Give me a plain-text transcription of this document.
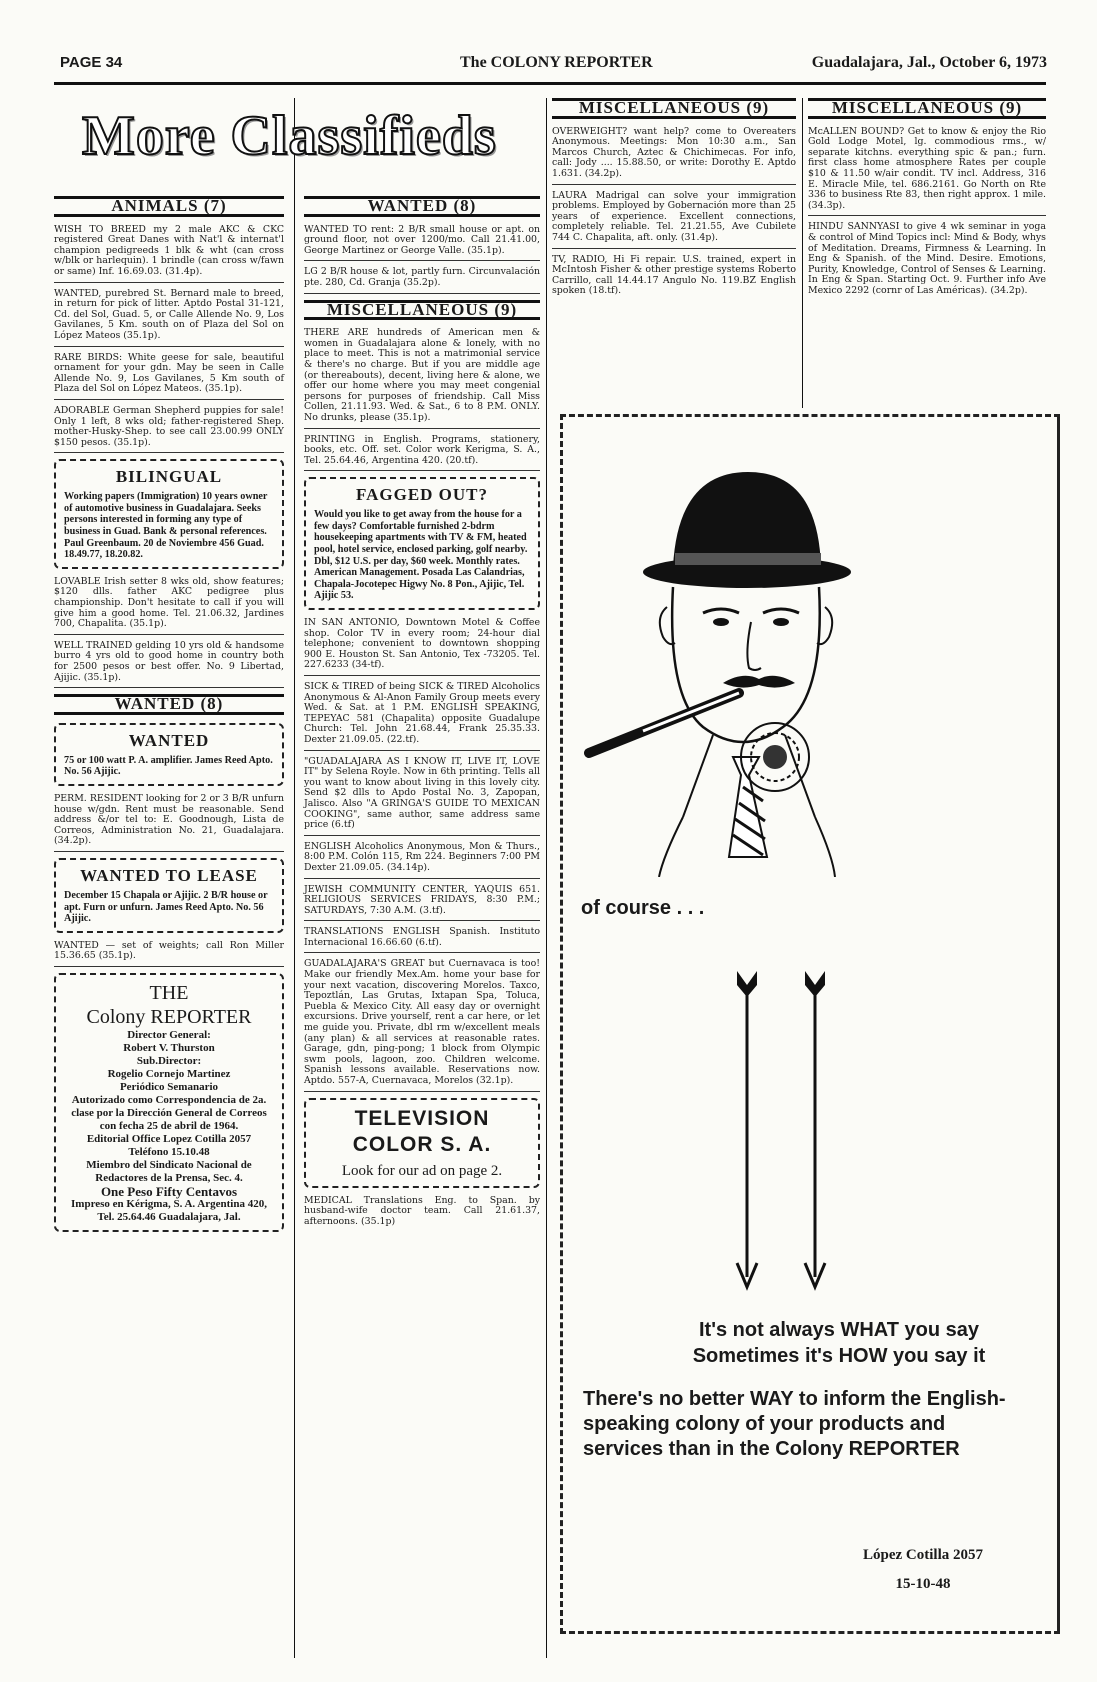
PAGE 34	The COLONY REPORTER	Guadalajara, Jal., October 6, 1973
More Classifieds
ANIMALS (7)
WISH TO BREED my 2 male AKC & CKC registered Great Danes with Nat'l & internat'l champion pedigreeds 1 blk & wht (can cross w/blk or harlequin). 1 brindle (can cross w/fawn or same) Inf. 16.69.03. (31.4p).
WANTED, purebred St. Bernard male to breed, in return for pick of litter. Aptdo Postal 31-121, Cd. del Sol, Guad. 5, or Calle Allende No. 9, Los Gavilanes, 5 Km. south on of Plaza del Sol on López Mateos (35.1p).
RARE BIRDS: White geese for sale, beautiful ornament for your gdn. May be seen in Calle Allende No. 9, Los Gavilanes, 5 Km south of Plaza del Sol on López Mateos. (35.1p).
ADORABLE German Shepherd puppies for sale! Only 1 left, 8 wks old; father-registered Shep. mother-Husky-Shep. to see call 23.00.99 ONLY $150 pesos. (35.1p).
BILINGUAL
Working papers (Immigration) 10 years owner of automotive business in Guadalajara. Seeks persons interested in forming any type of business in Guad. Bank & personal references. Paul Greenbaum. 20 de Noviembre 456 Guad. 18.49.77, 18.20.82.
LOVABLE Irish setter 8 wks old, show features; $120 dlls. father AKC pedigree plus championship. Don't hesitate to call if you will give him a good home. Tel. 21.06.32, Jardines 700, Chapalita. (35.1p).
WELL TRAINED gelding 10 yrs old & handsome burro 4 yrs old to good home in country both for 2500 pesos or best offer. No. 9 Libertad, Ajijic. (35.1p).
WANTED (8)
WANTED
75 or 100 watt P. A. amplifier. James Reed Apto. No. 56 Ajijic.
PERM. RESIDENT looking for 2 or 3 B/R unfurn house w/gdn. Rent must be reasonable. Send address &/or tel to: E. Goodnough, Lista de Correos, Administration No. 21, Guadalajara. (34.2p).
WANTED TO LEASE
December 15 Chapala or Ajijic. 2 B/R house or apt. Furn or unfurn. James Reed Apto. No. 56 Ajijic.
WANTED — set of weights; call Ron Miller 15.36.65 (35.1p).
THE
Colony REPORTER
Director General:
Robert V. Thurston
Sub.Director:
Rogelio Cornejo Martinez
Periódico Semanario
Autorizado como Correspondencia de 2a. clase por la Dirección General de Correos con fecha 25 de abril de 1964.
Editorial Office Lopez Cotilla 2057
Teléfono 15.10.48
Miembro del Sindicato Nacional de Redactores de la Prensa, Sec. 4.
One Peso Fifty Centavos
Impreso en Kérigma, S. A. Argentina 420, Tel. 25.64.46 Guadalajara, Jal.
WANTED (8)
WANTED TO rent: 2 B/R small house or apt. on ground floor, not over 1200/mo. Call 21.41.00, George Martinez or George Valle. (35.1p).
LG 2 B/R house & lot, partly furn. Circunvalación pte. 280, Cd. Granja (35.2p).
MISCELLANEOUS (9)
THERE ARE hundreds of American men & women in Guadalajara alone & lonely, with no place to meet. This is not a matrimonial service & there's no charge. But if you are middle age (or thereabouts), decent, living here & alone, we offer our home where you may meet congenial persons for purposes of friendship. Call Miss Collen, 21.11.93. Wed. & Sat., 6 to 8 P.M. ONLY. No drunks, please (35.1p).
PRINTING in English. Programs, stationery, books, etc. Off. set. Color work Kerigma, S. A., Tel. 25.64.46, Argentina 420. (20.tf).
FAGGED OUT?
Would you like to get away from the house for a few days? Comfortable furnished 2-bdrm housekeeping apartments with TV & FM, heated pool, hotel service, enclosed parking, golf nearby. Dbl, $12 U.S. per day, $60 week. Monthly rates. American Management. Posada Las Calandrias, Chapala-Jocotepec Higwy No. 8 Pon., Ajijic, Tel. Ajijic 53.
IN SAN ANTONIO, Downtown Motel & Coffee shop. Color TV in every room; 24-hour dial telephone; convenient to downtown shopping 900 E. Houston St. San Antonio, Tex -73205. Tel. 227.6233 (34-tf).
SICK & TIRED of being SICK & TIRED Alcoholics Anonymous & Al-Anon Family Group meets every Wed. & Sat. at 1 P.M. ENGLISH SPEAKING, TEPEYAC 581 (Chapalita) opposite Guadalupe Church: Tel. John 21.68.44, Frank 25.35.33. Dexter 21.09.05. (22.tf).
"GUADALAJARA AS I KNOW IT, LIVE IT, LOVE IT" by Selena Royle. Now in 6th printing. Tells all you want to know about living in this lovely city. Send $2 dlls to Apdo Postal No. 3, Zapopan, Jalisco. Also "A GRINGA'S GUIDE TO MEXICAN COOKING", same author, same address same price (6.tf)
ENGLISH Alcoholics Anonymous, Mon & Thurs., 8:00 P.M. Colón 115, Rm 224. Beginners 7:00 PM Dexter 21.09.05. (34.14p).
JEWISH COMMUNITY CENTER, YAQUIS 651. RELIGIOUS SERVICES FRIDAYS, 8:30 P.M.; SATURDAYS, 7:30 A.M. (3.tf).
TRANSLATIONS ENGLISH Spanish. Instituto Internacional 16.66.60 (6.tf).
GUADALAJARA'S GREAT but Cuernavaca is too! Make our friendly Mex.Am. home your base for your next vacation, discovering Morelos. Taxco, Tepoztlán, Las Grutas, Ixtapan Spa, Toluca, Puebla & Mexico City. All easy day or overnight excursions. Drive yourself, rent a car here, or let me guide you. Private, dbl rm w/excellent meals (any plan) & all services at reasonable rates. Garage, gdn, ping-pong; 1 block from Olympic swm pools, lagoon, zoo. Children welcome. Spanish lessons available. Reservations now. Aptdo. 557-A, Cuernavaca, Morelos (32.1p).
TELEVISION COLOR S. A.
Look for our ad on page 2.
MEDICAL Translations Eng. to Span. by husband-wife doctor team. Call 21.61.37, afternoons. (35.1p)
MISCELLANEOUS (9)
OVERWEIGHT? want help? come to Overeaters Anonymous. Meetings: Mon 10:30 a.m., San Marcos Church, Aztec & Chichimecas. For info, call: Jody .... 15.88.50, or write: Dorothy E. Aptdo 1.631. (34.2p).
LAURA Madrigal can solve your immigration problems. Employed by Gobernación more than 25 years of experience. Excellent connections, completely reliable. Tel. 21.21.55, Ave Cubilete 744 C. Chapalita, aft. only. (31.4p).
TV, RADIO, Hi Fi repair. U.S. trained, expert in McIntosh Fisher & other prestige systems Roberto Carrillo, call 14.44.17 Angulo No. 119.BZ English spoken (18.tf).
MISCELLANEOUS (9)
McALLEN BOUND? Get to know & enjoy the Rio Gold Lodge Motel, lg. commodious rms., w/ separate kitchns. everything spic & pan.; furn. first class home atmosphere Rates per couple $10 & 11.50 w/air condit. TV incl. Address, 316 E. Miracle Mile, tel. 686.2161. Go North on Rte 336 to business Rte 83, then right approx. 1 mile. (34.3p).
HINDU SANNYASI to give 4 wk seminar in yoga & control of Mind Topics incl: Mind & Body, whys of Meditation. Dreams, Firmness & Learning. In Eng & Spanish. of the Mind. Desire. Emotions, Purity, Knowledge, Control of Senses & Learning. In Eng & Span. Starting Oct. 9. Further info Ave Mexico 2292 (cornr of Las Américas). (34.2p).
of course . . .
It's not always WHAT you say
Sometimes it's HOW you say it
There's no better WAY to inform the English-speaking colony of your products and services than in the Colony REPORTER
López Cotilla 2057
15-10-48
